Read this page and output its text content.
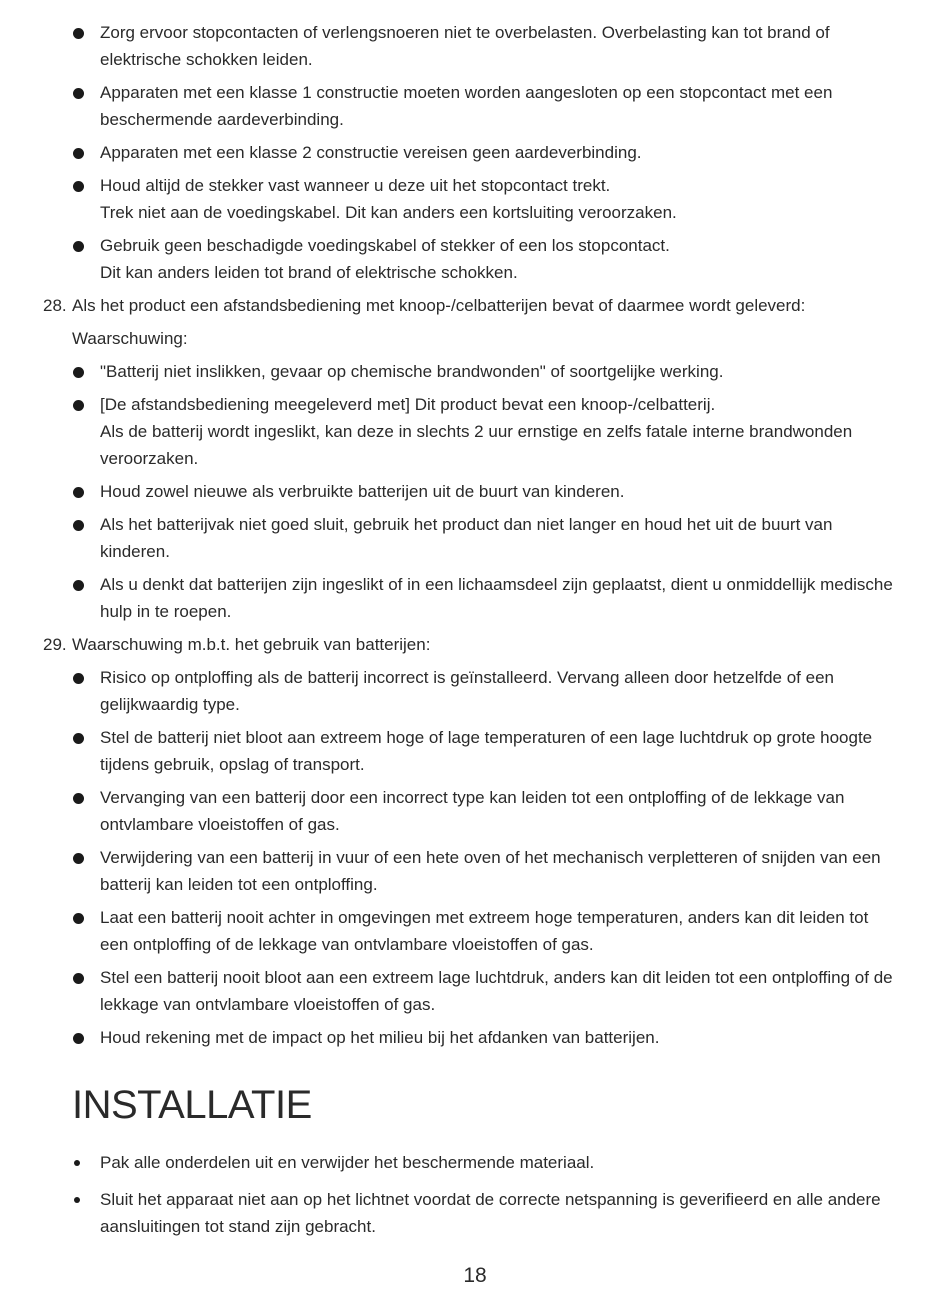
Zorg ervoor stopcontacten of verlengsnoeren niet te overbelasten. Overbelasting kan tot brand of elektrische schokken leiden.
Apparaten met een klasse 1 constructie moeten worden aangesloten op een stopcontact met een beschermende aardeverbinding.
Apparaten met een klasse 2 constructie vereisen geen aardeverbinding.
Houd altijd de stekker vast wanneer u deze uit het stopcontact trekt.
Trek niet aan de voedingskabel. Dit kan anders een kortsluiting veroorzaken.
Gebruik geen beschadigde voedingskabel of stekker of een los stopcontact.
Dit kan anders leiden tot brand of elektrische schokken.
28. Als het product een afstandsbediening met knoop-/celbatterijen bevat of daarmee wordt geleverd:
Waarschuwing:
"Batterij niet inslikken, gevaar op chemische brandwonden" of soortgelijke werking.
[De afstandsbediening meegeleverd met] Dit product bevat een knoop-/celbatterij.
Als de batterij wordt ingeslikt, kan deze in slechts 2 uur ernstige en zelfs fatale interne brandwonden veroorzaken.
Houd zowel nieuwe als verbruikte batterijen uit de buurt van kinderen.
Als het batterijvak niet goed sluit, gebruik het product dan niet langer en houd het uit de buurt van kinderen.
Als u denkt dat batterijen zijn ingeslikt of in een lichaamsdeel zijn geplaatst, dient u onmiddellijk medische hulp in te roepen.
29. Waarschuwing m.b.t. het gebruik van batterijen:
Risico op ontploffing als de batterij incorrect is geïnstalleerd. Vervang alleen door hetzelfde of een gelijkwaardig type.
Stel de batterij niet bloot aan extreem hoge of lage temperaturen of een lage luchtdruk op grote hoogte tijdens gebruik, opslag of transport.
Vervanging van een batterij door een incorrect type kan leiden tot een ontploffing of de lekkage van ontvlambare vloeistoffen of gas.
Verwijdering van een batterij in vuur of een hete oven of het mechanisch verpletteren of snijden van een batterij kan leiden tot een ontploffing.
Laat een batterij nooit achter in omgevingen met extreem hoge temperaturen, anders kan dit leiden tot een ontploffing of de lekkage van ontvlambare vloeistoffen of gas.
Stel een batterij nooit bloot aan een extreem lage luchtdruk, anders kan dit leiden tot een ontploffing of de lekkage van ontvlambare vloeistoffen of gas.
Houd rekening met de impact op het milieu bij het afdanken van batterijen.
INSTALLATIE
Pak alle onderdelen uit en verwijder het beschermende materiaal.
Sluit het apparaat niet aan op het lichtnet voordat de correcte netspanning is geverifieerd en alle andere aansluitingen tot stand zijn gebracht.
18
